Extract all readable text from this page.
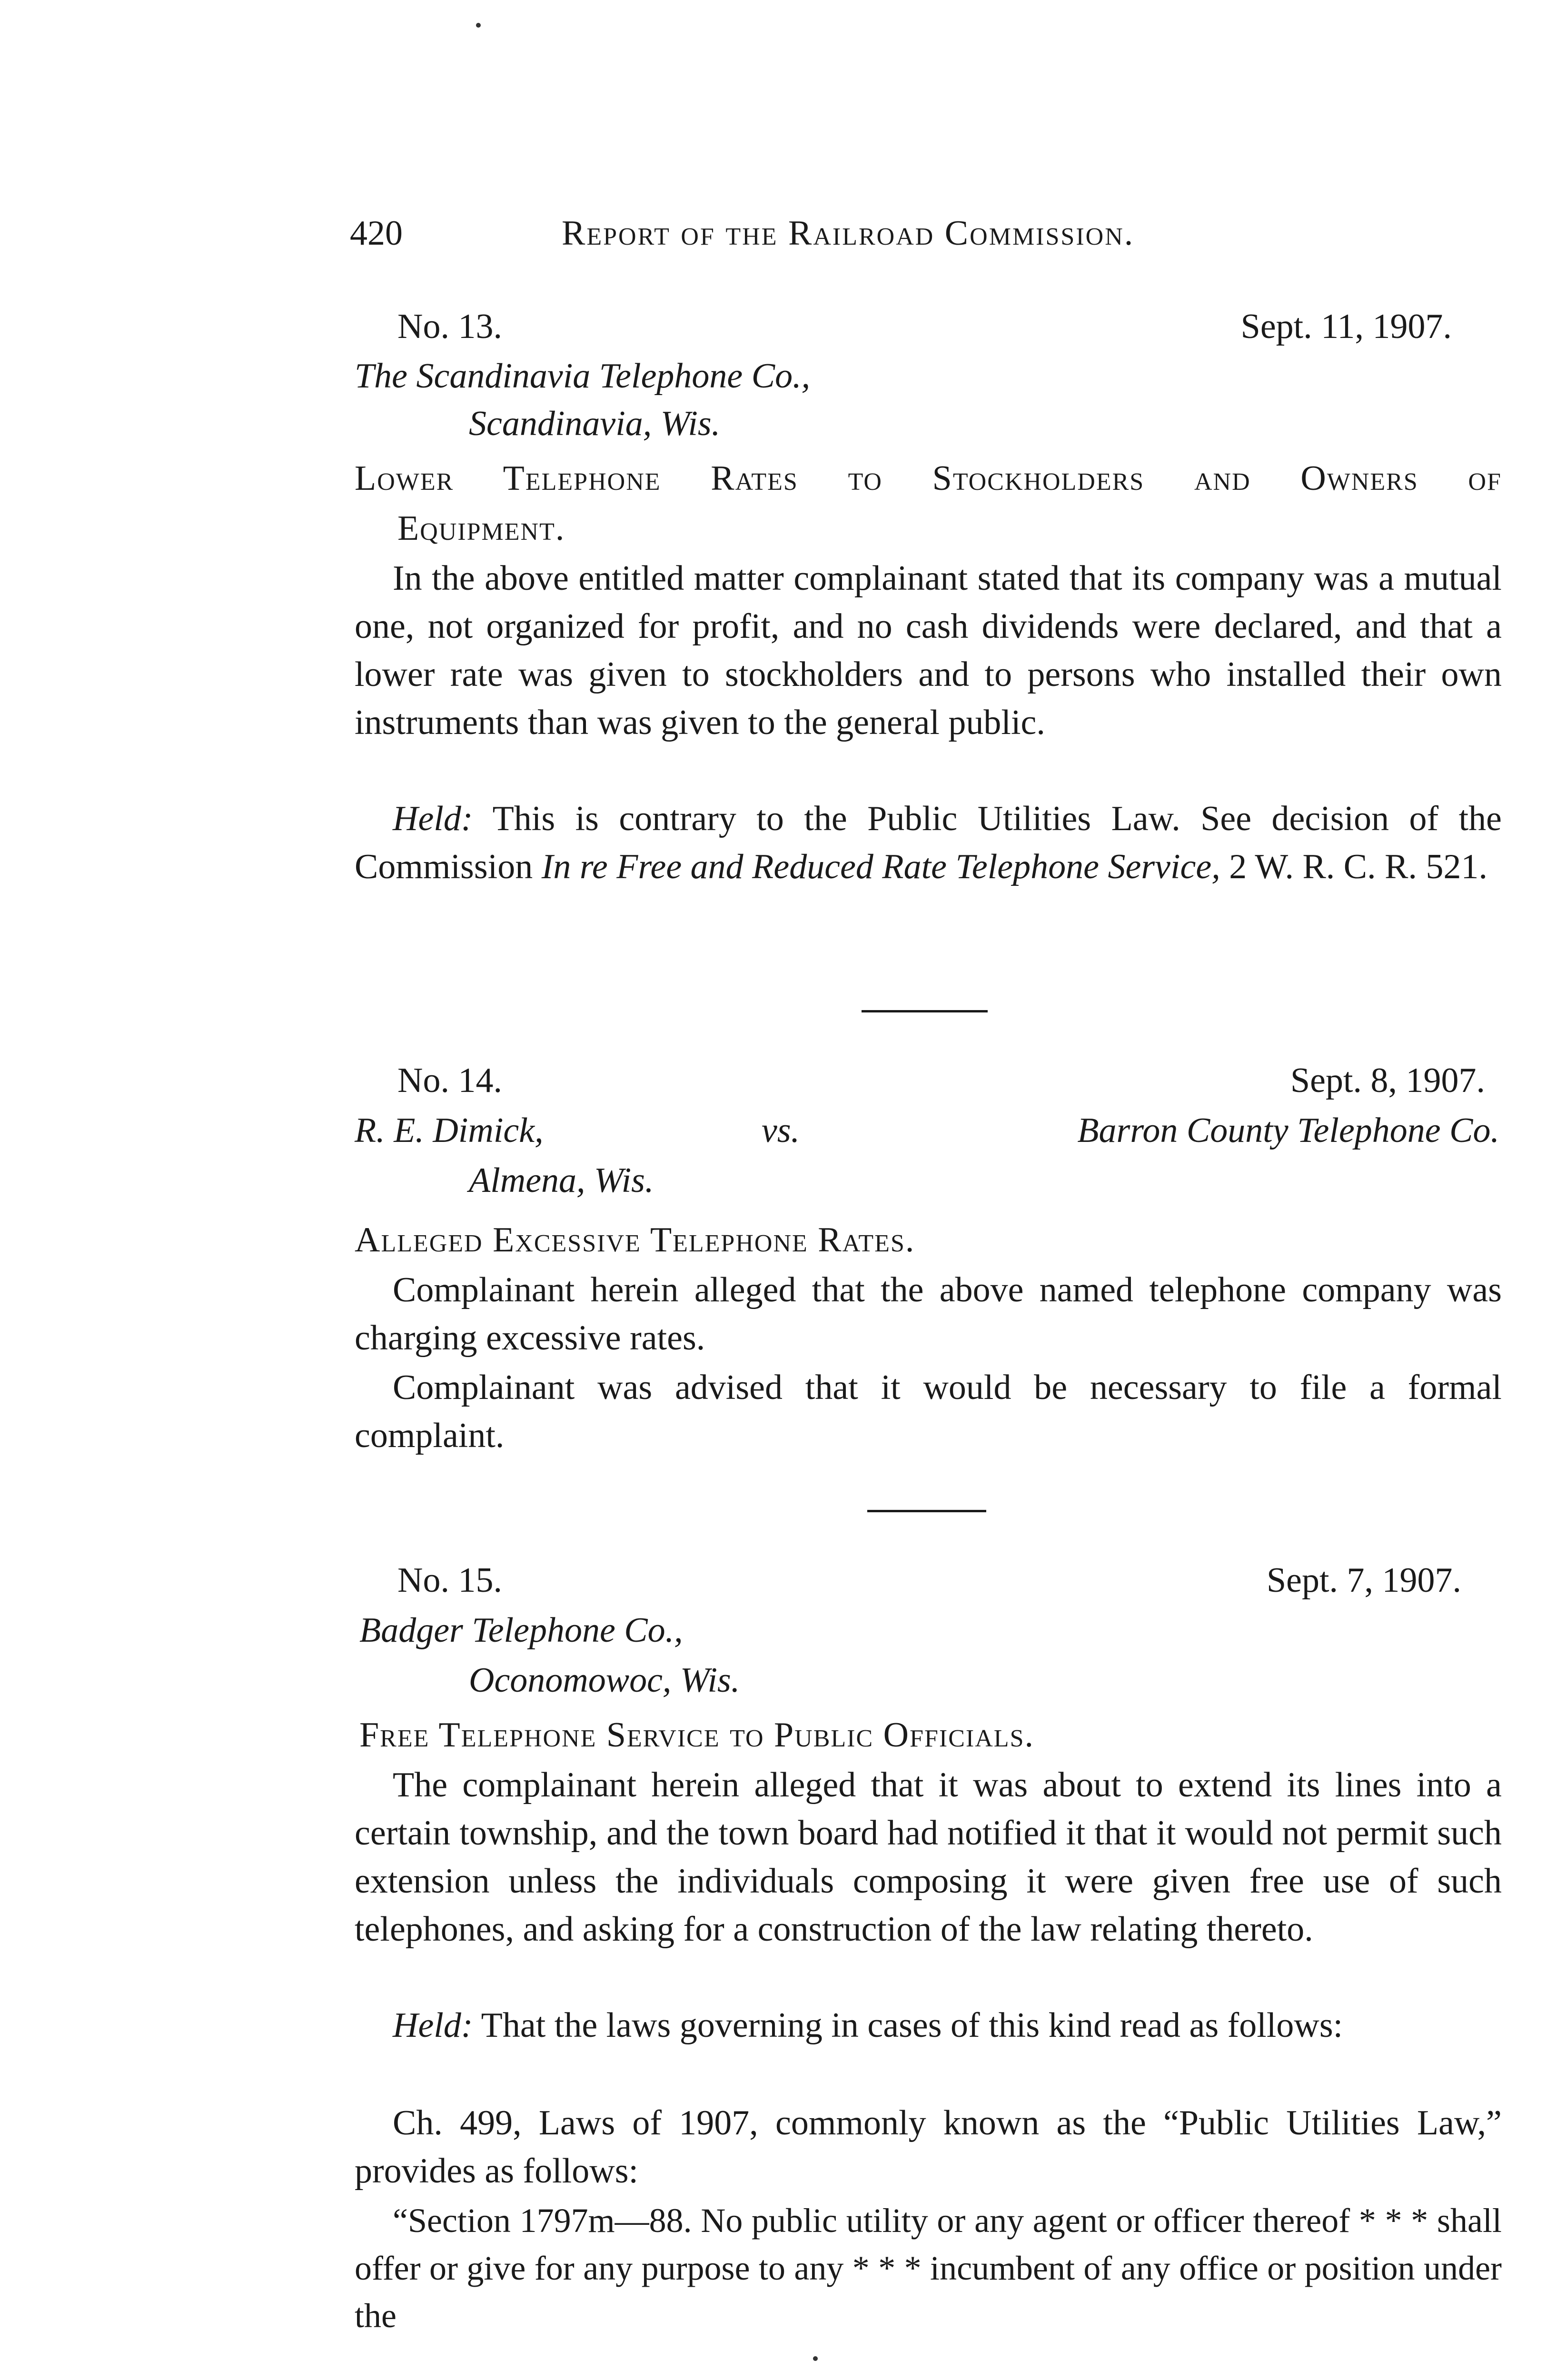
420	Report of the Railroad Commission.
No. 13.	Sept. 11, 1907.
The Scandinavia Telephone Co.,
Scandinavia, Wis.
Lower Telephone Rates to Stockholders and Owners of
Equipment.
In the above entitled matter complainant stated that its company was a mutual one, not organized for profit, and no cash dividends were declared, and that a lower rate was given to stockholders and to persons who installed their own instruments than was given to the general public.
Held: This is contrary to the Public Utilities Law. See decision of the Commission In re Free and Reduced Rate Telephone Service, 2 W. R. C. R. 521.
No. 14.	Sept. 8, 1907.
R. E. Dimick,	vs.	Barron County Telephone Co.
Almena, Wis.
Alleged Excessive Telephone Rates.
Complainant herein alleged that the above named telephone company was charging excessive rates.
Complainant was advised that it would be necessary to file a formal complaint.
No. 15.	Sept. 7, 1907.
Badger Telephone Co.,
Oconomowoc, Wis.
Free Telephone Service to Public Officials.
The complainant herein alleged that it was about to extend its lines into a certain township, and the town board had notified it that it would not permit such extension unless the individuals composing it were given free use of such telephones, and asking for a construction of the law relating thereto.
Held: That the laws governing in cases of this kind read as follows:
Ch. 499, Laws of 1907, commonly known as the “Public Utilities Law,” provides as follows:
“Section 1797m—88. No public utility or any agent or officer thereof * * * shall offer or give for any purpose to any * * * incumbent of any office or position under the
